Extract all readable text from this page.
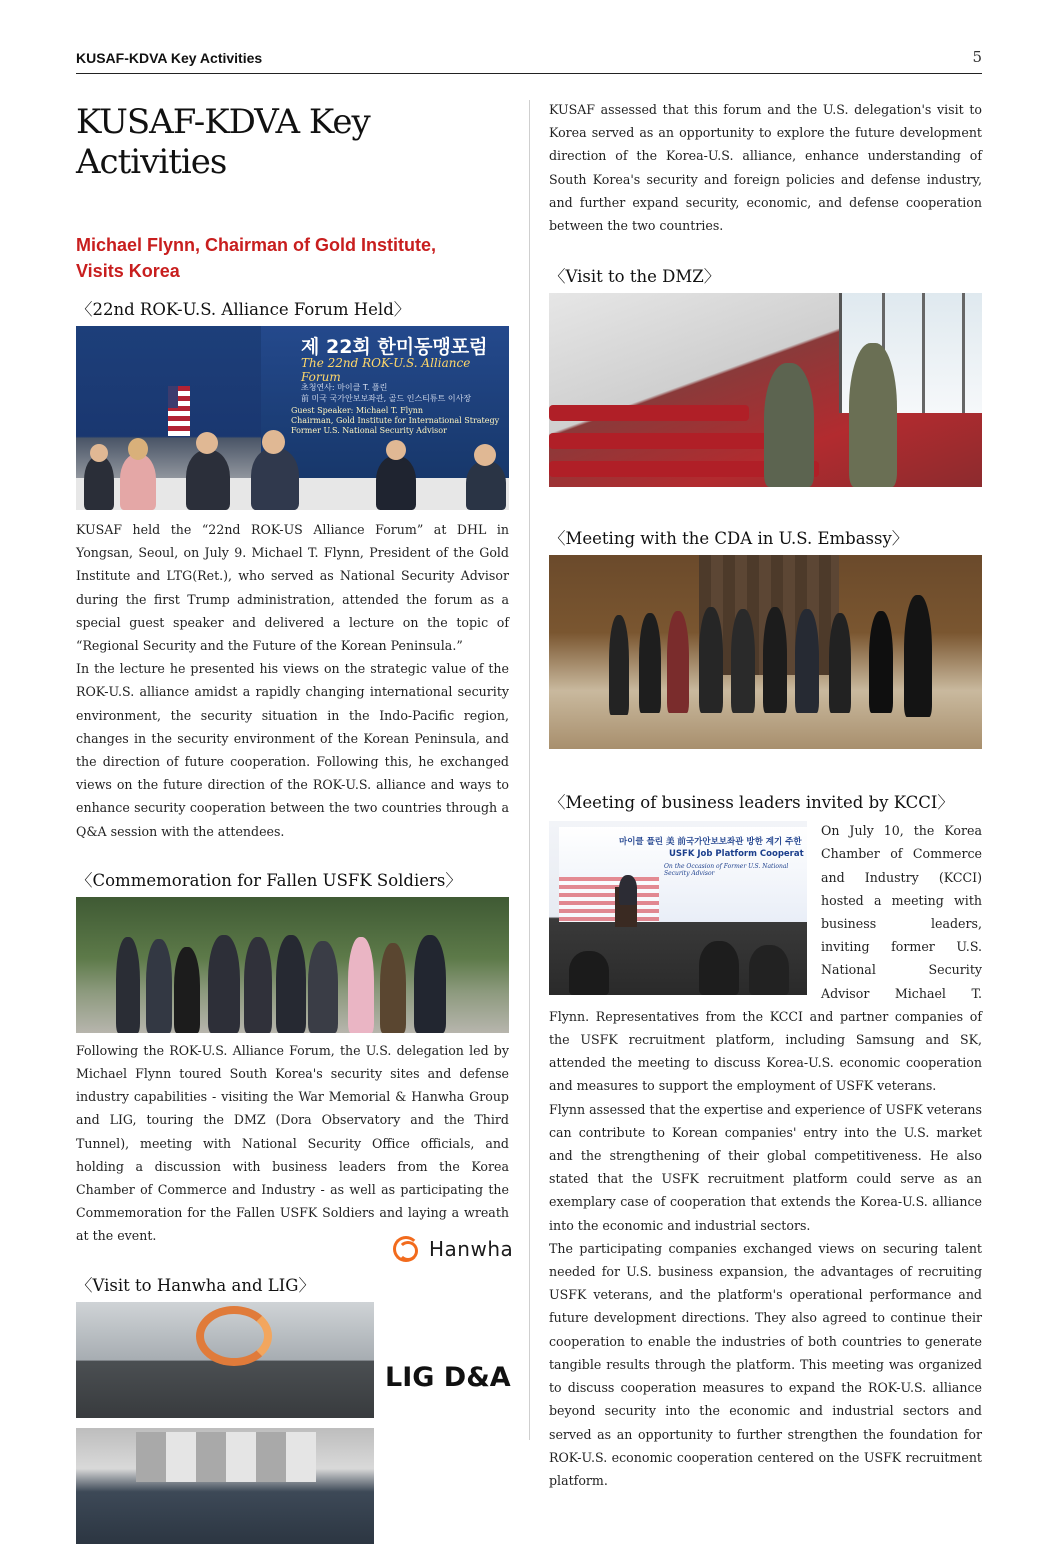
KUSAF-KDVA Key Activities	5
KUSAF-KDVA Key Activities
Michael Flynn, Chairman of Gold Institute,
Visits Korea
〈22nd ROK-U.S. Alliance Forum Held〉
제 22회 한미동맹포럼
The 22nd ROK-U.S. Alliance Forum
초청연사: 마이클 T. 플린
前 미국 국가안보보좌관, 골드 인스티튜트 이사장
Guest Speaker: Michael T. Flynn
Chairman, Gold Institute for International Strategy
Former U.S. National Security Advisor

KUSAF held the “22nd ROK-US Alliance Forum” at DHL in Yongsan, Seoul, on July 9. Michael T. Flynn, President of the Gold Institute and LTG(Ret.), who served as National Security Advisor during the first Trump administration, attended the forum as a special guest speaker and delivered a lecture on the topic of “Regional Security and the Future of the Korean Peninsula.”

In the lecture he presented his views on the strategic value of the ROK-U.S. alliance amidst a rapidly changing international security environment, the security situation in the Indo-Pacific region, changes in the security environment of the Korean Peninsula, and the direction of future cooperation. Following this, he exchanged views on the future direction of the ROK-U.S. alliance and ways to enhance security cooperation between the two countries through a Q&A session with the attendees.

〈Commemoration for Fallen USFK Soldiers〉

Following the ROK-U.S. Alliance Forum, the U.S. delegation led by Michael Flynn toured South Korea's security sites and defense industry capabilities - visiting the War Memorial & Hanwha Group and LIG, touring the DMZ (Dora Observatory and the Third Tunnel), meeting with National Security Office officials, and holding a discussion with business leaders from the Korea Chamber of Commerce and Industry - as well as participating the Commemoration for the Fallen USFK Soldiers and laying a wreath at the event.

〈Visit to Hanwha and LIG〉
Hanwha
LIG D&A

KUSAF assessed that this forum and the U.S. delegation's visit to Korea served as an opportunity to explore the future development direction of the Korea-U.S. alliance, enhance understanding of South Korea's security and foreign policies and defense industry, and further expand security, economic, and defense cooperation between the two countries.

〈Visit to the DMZ〉
〈Meeting with the CDA in U.S. Embassy〉
〈Meeting of business leaders invited by KCCI〉
마이클 플린 美 前국가안보보좌관 방한 계기 주한
USFK Job Platform Cooperat
On the Occasion of Former U.S. National Security Advisor

On July 10, the Korea Chamber of Commerce and Industry (KCCI) hosted a meeting with business leaders, inviting former U.S. National Security Advisor Michael T. Flynn. Representatives from the KCCI and partner companies of the USFK recruitment platform, including Samsung and SK, attended the meeting to discuss Korea-U.S. economic cooperation and measures to support the employment of USFK veterans.

Flynn assessed that the expertise and experience of USFK veterans can contribute to Korean companies' entry into the U.S. market and the strengthening of their global competitiveness. He also stated that the USFK recruitment platform could serve as an exemplary case of cooperation that extends the Korea-U.S. alliance into the economic and industrial sectors.

The participating companies exchanged views on securing talent needed for U.S. business expansion, the advantages of recruiting USFK veterans, and the platform's operational performance and future development directions. They also agreed to continue their cooperation to enable the industries of both countries to generate tangible results through the platform. This meeting was organized to discuss cooperation measures to expand the ROK-U.S. alliance beyond security into the economic and industrial sectors and served as an opportunity to further strengthen the foundation for ROK-U.S. economic cooperation centered on the USFK recruitment platform.
